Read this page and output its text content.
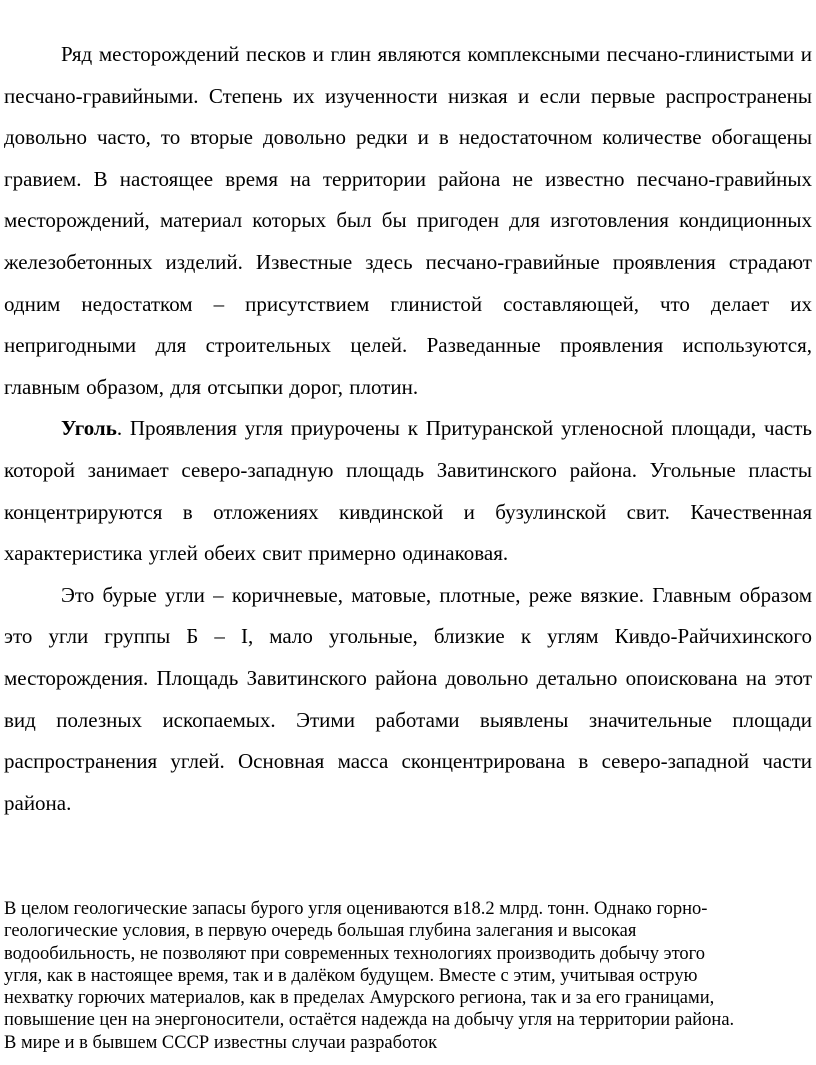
Ряд месторождений песков и глин являются комплексными песчано-глинистыми и песчано-гравийными. Степень их изученности низкая и если первые распространены довольно часто, то вторые довольно редки и в недостаточном количестве обогащены гравием. В настоящее время на территории района не известно песчано-гравийных месторождений, материал которых был бы пригоден для изготовления кондиционных железобетонных изделий. Известные здесь песчано-гравийные проявления страдают одним недостатком – присутствием глинистой составляющей, что делает их непригодными для строительных целей. Разведанные проявления используются, главным образом, для отсыпки дорог, плотин.

Уголь. Проявления угля приурочены к Притуранской угленосной площади, часть которой занимает северо-западную площадь Завитинского района. Угольные пласты концентрируются в отложениях кивдинской и бузулинской свит. Качественная характеристика углей обеих свит примерно одинаковая.

Это бурые угли – коричневые, матовые, плотные, реже вязкие. Главным образом это угли группы Б – I, мало угольные, близкие к углям Кивдо-Райчихинского месторождения. Площадь Завитинского района довольно детально опоискована на этот вид полезных ископаемых. Этими работами выявлены значительные площади распространения углей. Основная масса сконцентрирована в северо-западной части района.

В целом геологические запасы бурого угля оцениваются в18.2 млрд. тонн. Однако горно-
геологические условия, в первую очередь большая глубина залегания и высокая
водообильность, не позволяют при современных технологиях производить добычу этого
угля, как в настоящее время, так и в далёком будущем. Вместе с этим, учитывая острую
нехватку горючих материалов, как в пределах Амурского региона, так и за его границами,
повышение цен на энергоносители, остаётся надежда на добычу угля на территории района.
В мире и в бывшем СССР известны случаи разработок
